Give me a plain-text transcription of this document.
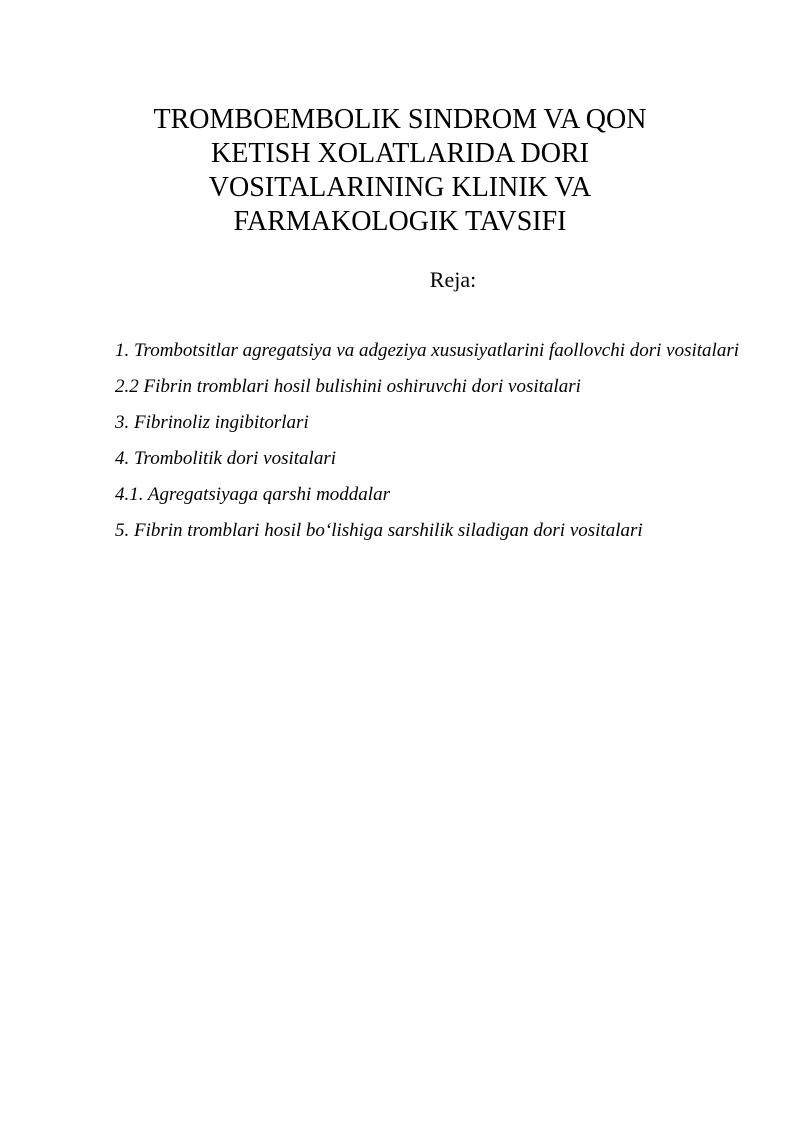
TROMBOEMBOLIK SINDROM VA QON
KETISH XOLATLARIDA DORI
VOSITALARINING KLINIK VA
FARMAKOLOGIK TAVSIFI

Reja:

1. Trombotsitlar agregatsiya va adgeziya xususiyatlarini faollovchi dori vositalari
2.2 Fibrin tromblari hosil bulishini oshiruvchi dori vositalari
3. Fibrinoliz ingibitorlari
4. Trombolitik dori vositalari
4.1. Agregatsiyaga qarshi moddalar
5. Fibrin tromblari hosil bo‘lishiga sarshilik siladigan dori vositalari
